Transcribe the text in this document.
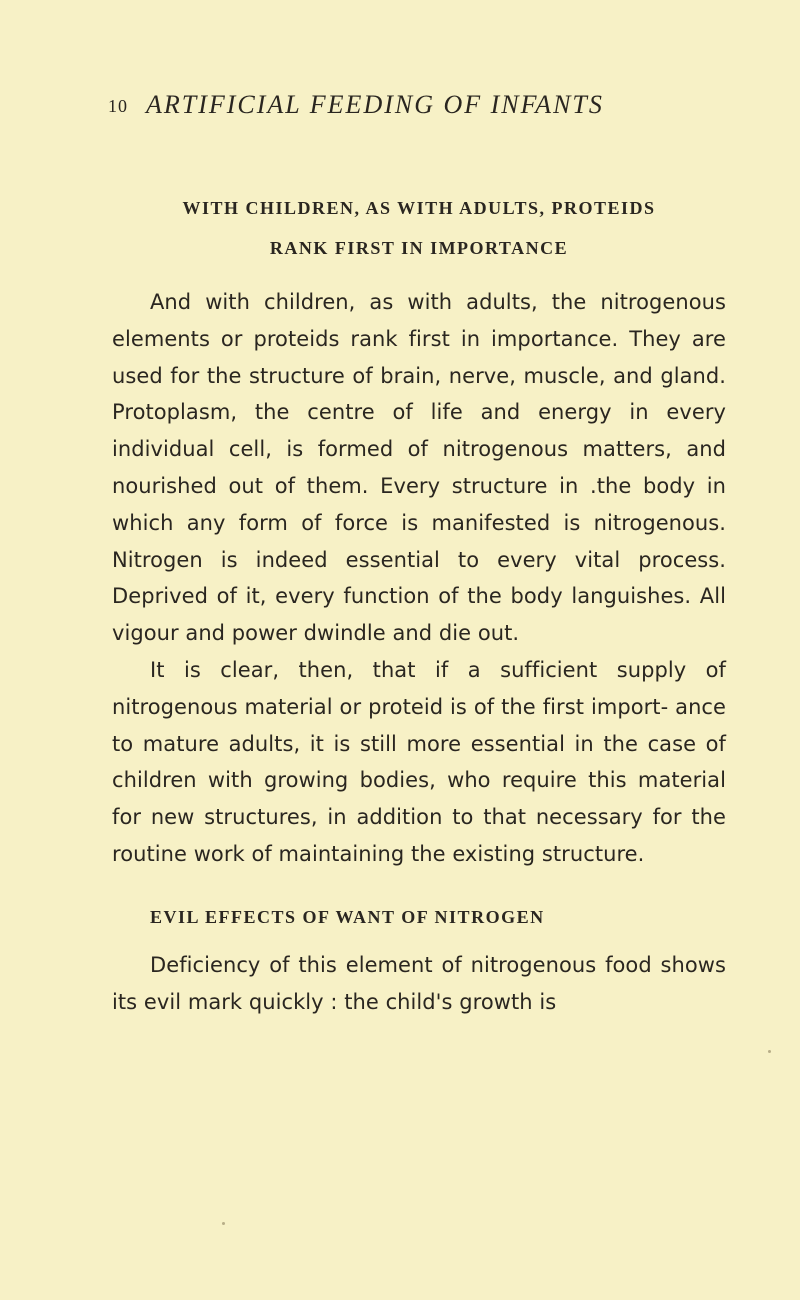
10 ARTIFICIAL FEEDING OF INFANTS
WITH CHILDREN, AS WITH ADULTS, PROTEIDS
RANK FIRST IN IMPORTANCE

And with children, as with adults, the nitrogenous elements or proteids rank first in importance. They are used for the structure of brain, nerve, muscle, and gland. Protoplasm, the centre of life and energy in every individual cell, is formed of nitrogenous matters, and nourished out of them. Every structure in .the body in which any form of force is manifested is nitrogenous. Nitrogen is indeed essential to every vital process. Deprived of it, every function of the body languishes. All vigour and power dwindle and die out.

It is clear, then, that if a sufficient supply of nitrogenous material or proteid is of the first import- ance to mature adults, it is still more essential in the case of children with growing bodies, who require this material for new structures, in addition to that necessary for the routine work of maintaining the existing structure.

EVIL EFFECTS OF WANT OF NITROGEN

Deficiency of this element of nitrogenous food shows its evil mark quickly : the child's growth is
